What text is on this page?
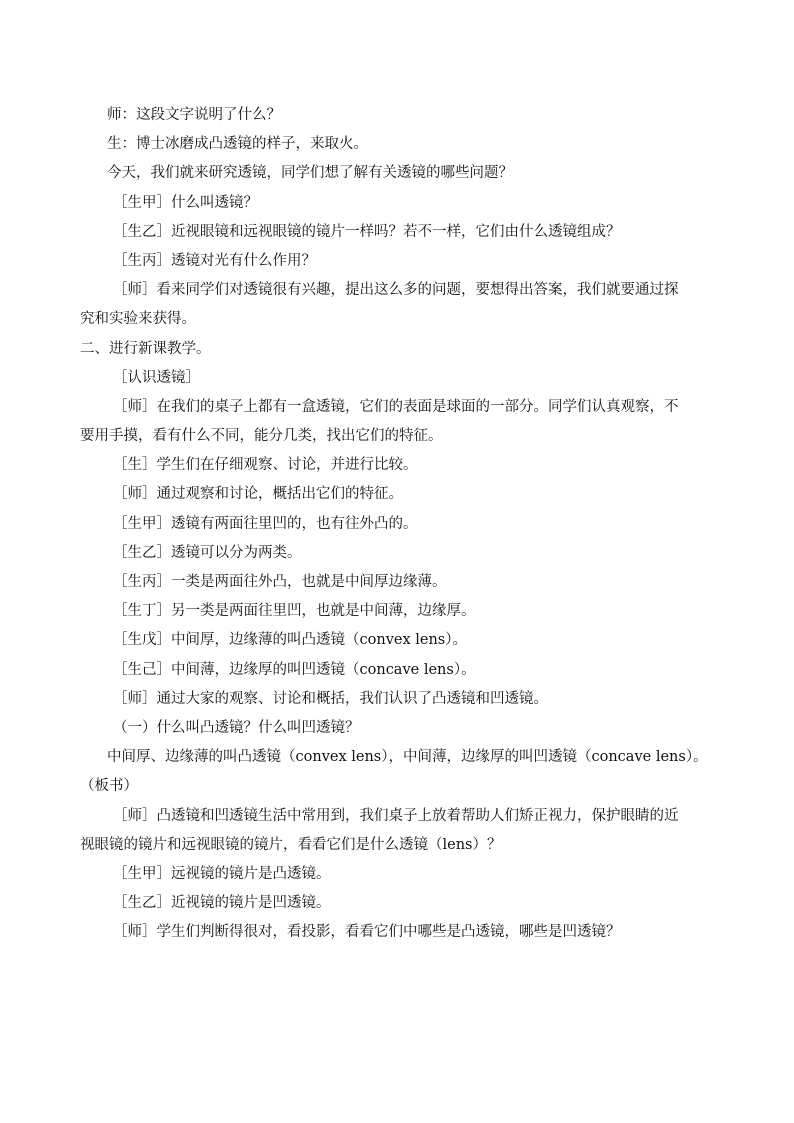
师：这段文字说明了什么？
生：博士冰磨成凸透镜的样子，来取火。
今天，我们就来研究透镜，同学们想了解有关透镜的哪些问题？
［生甲］什么叫透镜？
［生乙］近视眼镜和远视眼镜的镜片一样吗？若不一样，它们由什么透镜组成？
［生丙］透镜对光有什么作用？
［师］看来同学们对透镜很有兴趣，提出这么多的问题，要想得出答案，我们就要通过探
究和实验来获得。
二、进行新课教学。
［认识透镜］
［师］在我们的桌子上都有一盒透镜，它们的表面是球面的一部分。同学们认真观察，不
要用手摸，看有什么不同，能分几类，找出它们的特征。
［生］学生们在仔细观察、讨论，并进行比较。
［师］通过观察和讨论，概括出它们的特征。
［生甲］透镜有两面往里凹的，也有往外凸的。
［生乙］透镜可以分为两类。
［生丙］一类是两面往外凸，也就是中间厚边缘薄。
［生丁］另一类是两面往里凹，也就是中间薄，边缘厚。
［生戊］中间厚，边缘薄的叫凸透镜（convex lens）。
［生己］中间薄，边缘厚的叫凹透镜（concave lens）。
［师］通过大家的观察、讨论和概括，我们认识了凸透镜和凹透镜。
（一）什么叫凸透镜？什么叫凹透镜？
中间厚、边缘薄的叫凸透镜（convex lens），中间薄，边缘厚的叫凹透镜（concave lens）。
（板书）
［师］凸透镜和凹透镜生活中常用到，我们桌子上放着帮助人们矫正视力，保护眼睛的近
视眼镜的镜片和远视眼镜的镜片，看看它们是什么透镜（lens）？
［生甲］远视镜的镜片是凸透镜。
［生乙］近视镜的镜片是凹透镜。
［师］学生们判断得很对，看投影，看看它们中哪些是凸透镜，哪些是凹透镜？
